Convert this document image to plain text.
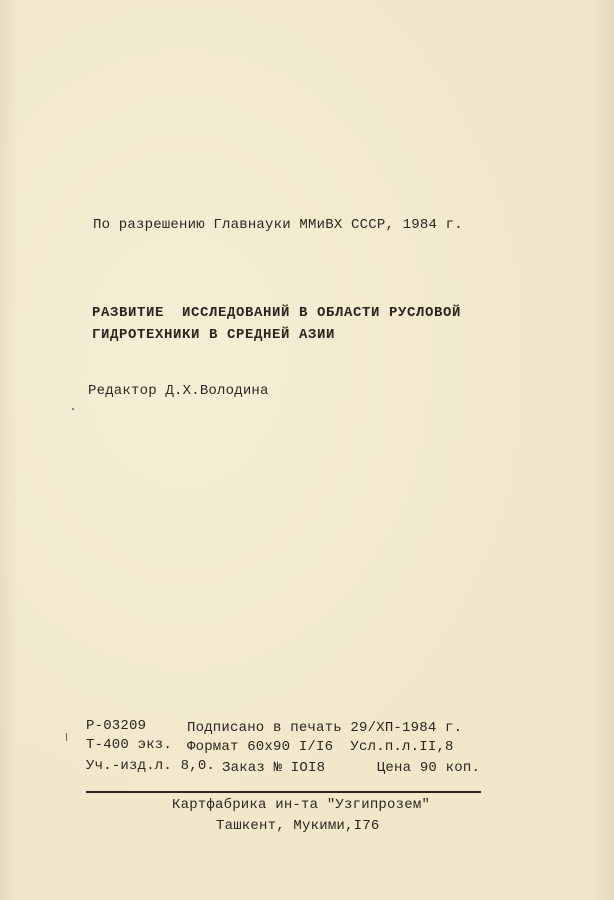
По разрешению Главнауки ММиВХ СССР, 1984 г.
РАЗВИТИЕ  ИССЛЕДОВАНИЙ В ОБЛАСТИ РУСЛОВОЙ
ГИДРОТЕХНИКИ В СРЕДНЕЙ АЗИИ
Редактор Д.Х.Володина
Р-03209	Подписано в печать 29/ХП-1984 г.
Т-400 экз. Формат 60х90 I/I6  Усл.п.л.II,8
Уч.-изд.л. 8,0. Заказ № IOI8      Цена 90 коп.
Картфабрика ин-та "Узгипрозем"
Ташкент, Мукими,I76
